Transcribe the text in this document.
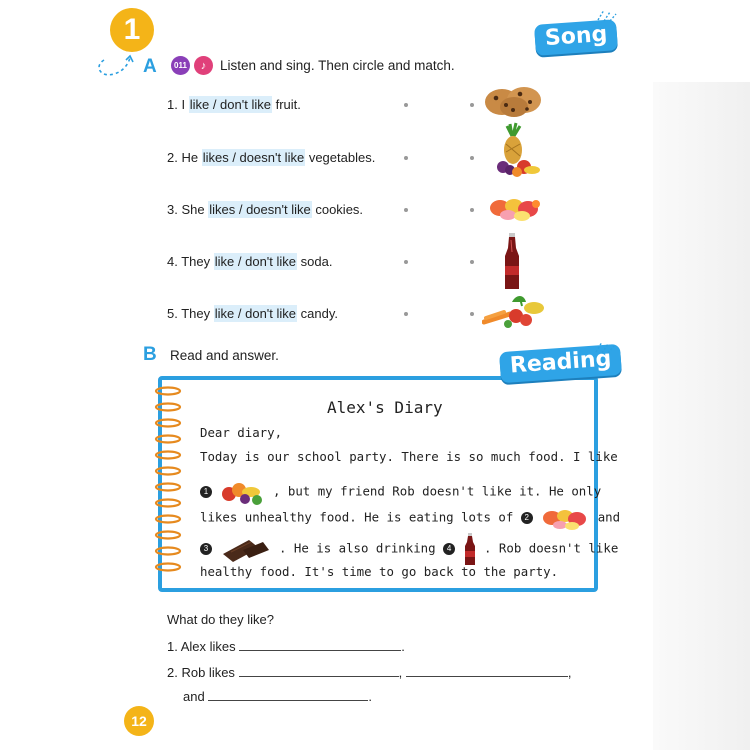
1	Song
A 011	♪	Listen and sing. Then circle and match.
1. I like / don't like fruit.
2. He likes / doesn't like vegetables.
3. She likes / doesn't like cookies.
4. They like / don't like soda.
5. They like / don't like candy.
B Read and answer.	Reading
Alex's Diary
Dear diary,
Today is our school party. There is so much food. I like
1	, but my friend Rob doesn't like it. He only
likes unhealthy food. He is eating lots of 2	and
3	. He is also drinking 4	. Rob doesn't like
healthy food. It's time to go back to the party.
What do they like?
1. Alex likes	.
2. Rob likes	,	,
and	.
12
